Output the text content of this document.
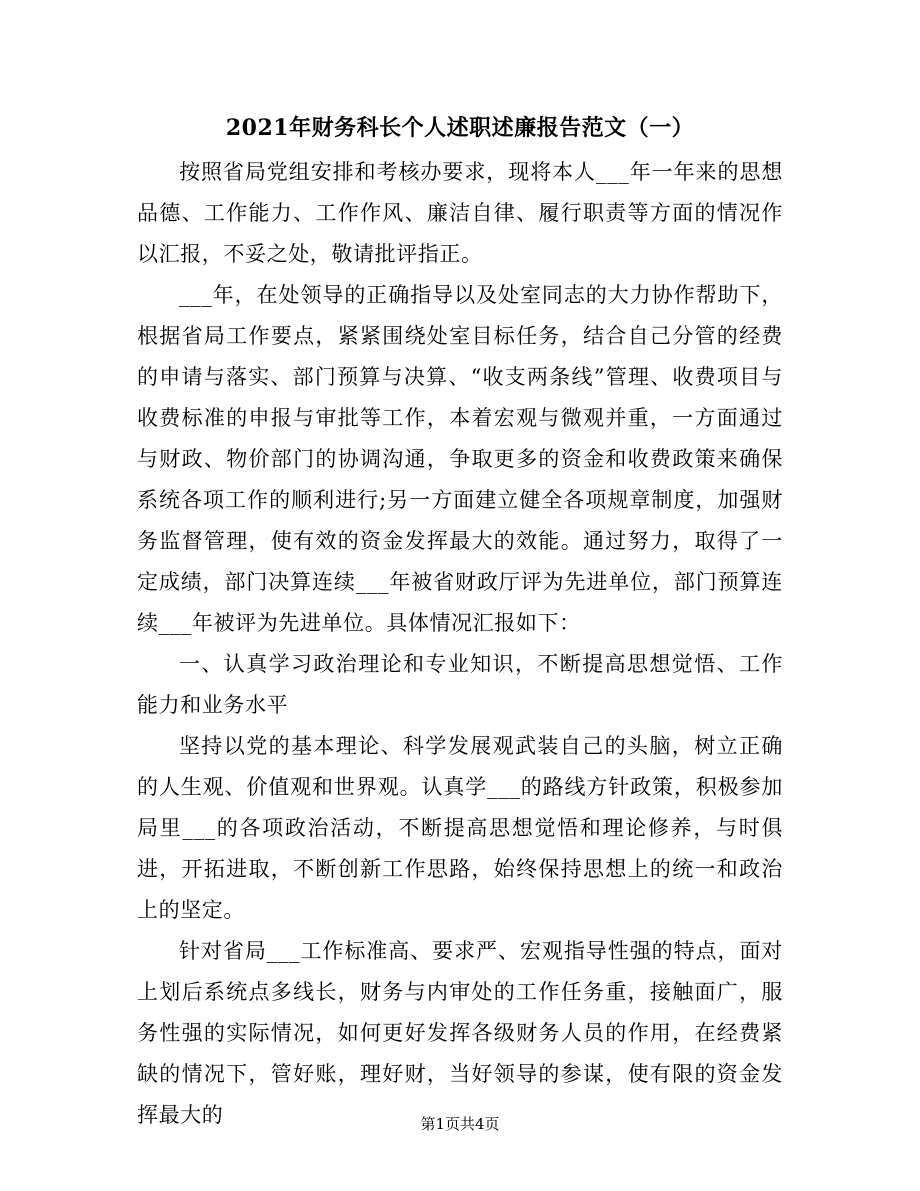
2021年财务科长个人述职述廉报告范文（一）

按照省局党组安排和考核办要求，现将本人___年一年来的思想品德、工作能力、工作作风、廉洁自律、履行职责等方面的情况作以汇报，不妥之处，敬请批评指正。

___年，在处领导的正确指导以及处室同志的大力协作帮助下，根据省局工作要点，紧紧围绕处室目标任务，结合自己分管的经费的申请与落实、部门预算与决算、“收支两条线”管理、收费项目与收费标准的申报与审批等工作，本着宏观与微观并重，一方面通过与财政、物价部门的协调沟通，争取更多的资金和收费政策来确保系统各项工作的顺利进行;另一方面建立健全各项规章制度，加强财务监督管理，使有效的资金发挥最大的效能。通过努力，取得了一定成绩，部门决算连续___年被省财政厅评为先进单位，部门预算连续___年被评为先进单位。具体情况汇报如下：

一、认真学习政治理论和专业知识，不断提高思想觉悟、工作能力和业务水平

坚持以党的基本理论、科学发展观武装自己的头脑，树立正确的人生观、价值观和世界观。认真学___的路线方针政策，积极参加局里___的各项政治活动，不断提高思想觉悟和理论修养，与时俱进，开拓进取，不断创新工作思路，始终保持思想上的统一和政治上的坚定。

针对省局___工作标准高、要求严、宏观指导性强的特点，面对上划后系统点多线长，财务与内审处的工作任务重，接触面广，服务性强的实际情况，如何更好发挥各级财务人员的作用，在经费紧缺的情况下，管好账，理好财，当好领导的参谋，使有限的资金发挥最大的	第1页共4页
